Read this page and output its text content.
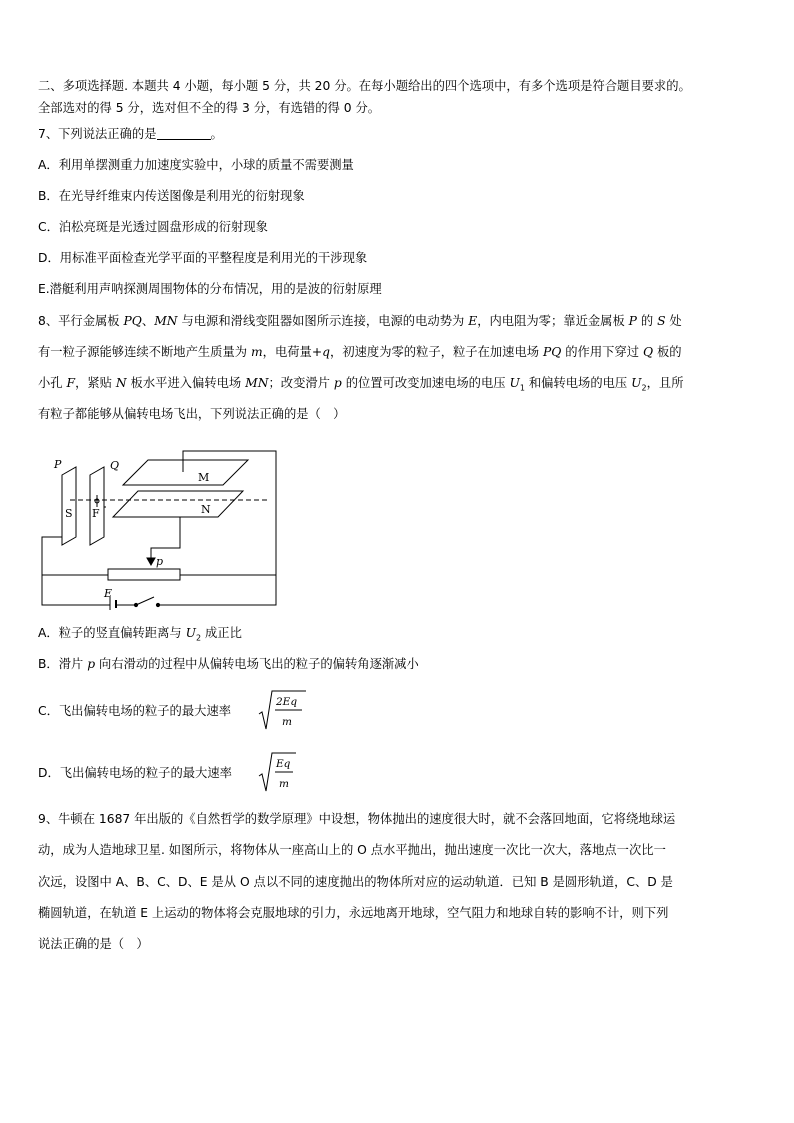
二、多项选择题. 本题共 4 小题，每小题 5 分，共 20 分。在每小题给出的四个选项中，有多个选项是符合题目要求的。
全部选对的得 5 分，选对但不全的得 3 分，有选错的得 0 分。
7、下列说法正确的是	。
A．利用单摆测重力加速度实验中，小球的质量不需要测量
B．在光导纤维束内传送图像是利用光的衍射现象
C．泊松亮斑是光透过圆盘形成的衍射现象
D．用标准平面检查光学平面的平整程度是利用光的干涉现象
E.潜艇利用声呐探测周围物体的分布情况，用的是波的衍射原理
8、平行金属板 PQ、MN 与电源和滑线变阻器如图所示连接，电源的电动势为 E，内电阻为零；靠近金属板 P 的 S 处
有一粒子源能够连续不断地产生质量为 m，电荷量+q，初速度为零的粒子，粒子在加速电场 PQ 的作用下穿过 Q 板的
小孔 F，紧贴 N 板水平进入偏转电场 MN；改变滑片 p 的位置可改变加速电场的电压 $U_1$ 和偏转电场的电压 $U_2$，且所
有粒子都能够从偏转电场飞出，下列说法正确的是（　）
P	Q
S F
M
N
p
E
A．粒子的竖直偏转距离与 $U_2$ 成正比
B．滑片 p 向右滑动的过程中从偏转电场飞出的粒子的偏转角逐渐减小
C．飞出偏转电场的粒子的最大速率
2Eq
m
D．飞出偏转电场的粒子的最大速率
Eq
m
9、牛顿在 1687 年出版的《自然哲学的数学原理》中设想，物体抛出的速度很大时，就不会落回地面，它将绕地球运
动，成为人造地球卫星. 如图所示，将物体从一座高山上的 O 点水平抛出，抛出速度一次比一次大，落地点一次比一
次远，设图中 A、B、C、D、E 是从 O 点以不同的速度抛出的物体所对应的运动轨道．已知 B 是圆形轨道，C、D 是
椭圆轨道，在轨道 E 上运动的物体将会克服地球的引力，永远地离开地球，空气阻力和地球自转的影响不计，则下列
说法正确的是（　）
